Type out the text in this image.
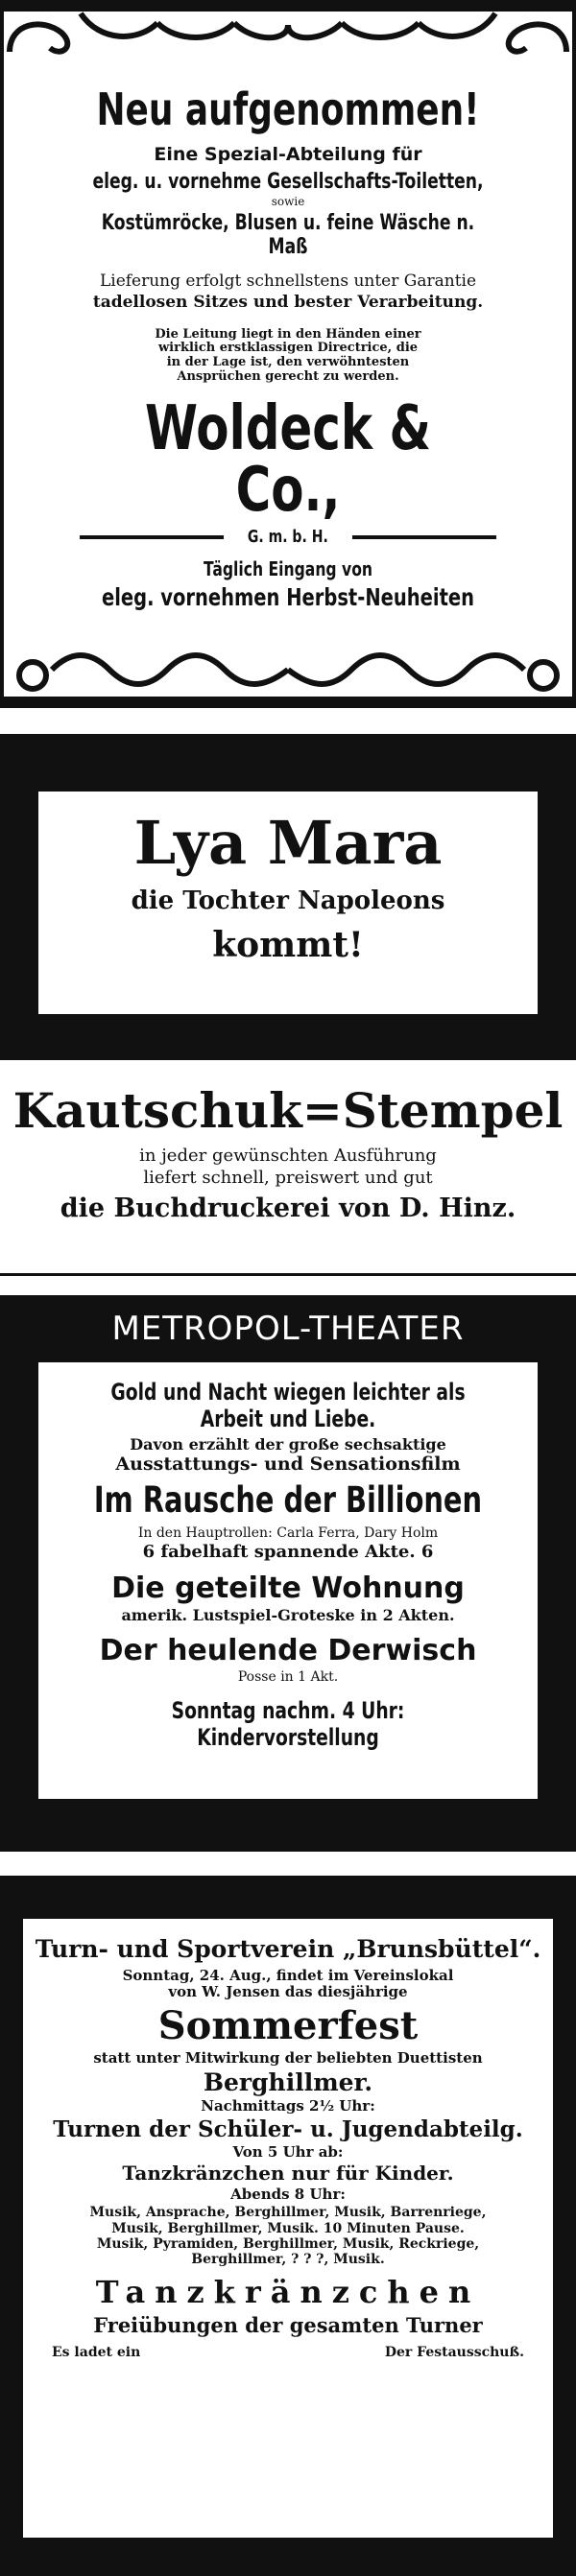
Neu aufgenommen!
Eine Spezial-Abteilung für
eleg. u. vornehme Gesellschafts-Toiletten,
sowie
Kostümröcke, Blusen u. feine Wäsche n. Maß
Lieferung erfolgt schnellstens unter Garantie
tadellosen Sitzes und bester Verarbeitung.
Die Leitung liegt in den Händen einer
wirklich erstklassigen Directrice, die
in der Lage ist, den verwöhntesten
Ansprüchen gerecht zu werden.
Woldeck & Co.,
G. m. b. H.
Täglich Eingang von
eleg. vornehmen Herbst-Neuheiten
Lya Mara
die Tochter Napoleons
kommt!
Kautschuk=Stempel
in jeder gewünschten Ausführung
liefert schnell, preiswert und gut
die Buchdruckerei von D. Hinz.
METROPOL-THEATER
Gold und Nacht wiegen leichter als
Arbeit und Liebe.
Davon erzählt der große sechsaktige
Ausstattungs- und Sensationsfilm
Im Rausche der Billionen
In den Hauptrollen: Carla Ferra, Dary Holm
6 fabelhaft spannende Akte. 6
Die geteilte Wohnung
amerik. Lustspiel-Groteske in 2 Akten.
Der heulende Derwisch
Posse in 1 Akt.
Sonntag nachm. 4 Uhr: Kindervorstellung
Turn- und Sportverein „Brunsbüttel“.
Sonntag, 24. Aug., findet im Vereinslokal
von W. Jensen das diesjährige
Sommerfest
statt unter Mitwirkung der beliebten Duettisten
Berghillmer.
Nachmittags 2½ Uhr:
Turnen der Schüler- u. Jugendabteilg.
Von 5 Uhr ab:
Tanzkränzchen nur für Kinder.
Abends 8 Uhr:
Musik, Ansprache, Berghillmer, Musik, Barrenriege,
Musik, Berghillmer, Musik. 10 Minuten Pause.
Musik, Pyramiden, Berghillmer, Musik, Reckriege,
Berghillmer, ? ? ?, Musik.
Tanzkränzchen
Freiübungen der gesamten Turner
Es ladet ein	Der Festausschuß.
